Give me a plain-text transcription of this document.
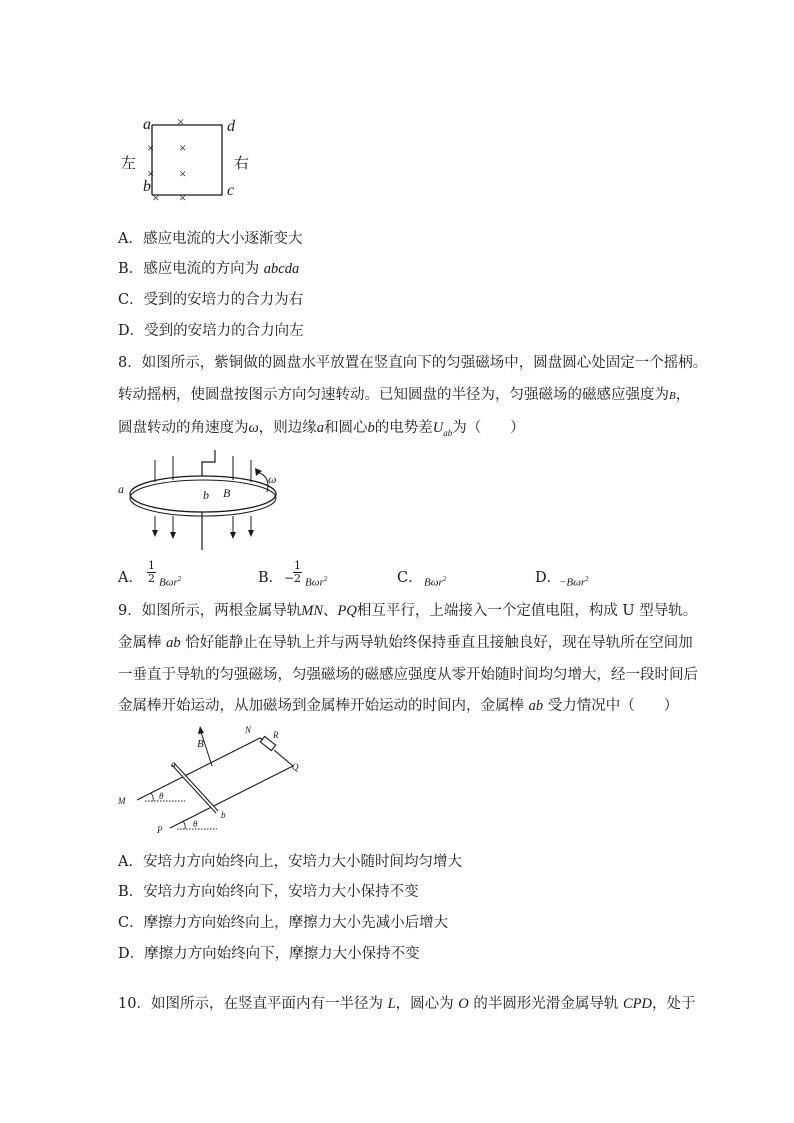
×
× ×
× ×
× ×
a
b
d
c
左	右
A．感应电流的大小逐渐变大
B．感应电流的方向为 abcda
C．受到的安培力的合力为右
D．受到的安培力的合力向左
8．如图所示，紫铜做的圆盘水平放置在竖直向下的匀强磁场中，圆盘圆心处固定一个摇柄。
转动摇柄，使圆盘按图示方向匀速转动。已知圆盘的半径为，匀强磁场的磁感应强度为B，
圆盘转动的角速度为ω，则边缘a和圆心b的电势差$U_{ab}$为（　　）
a	b B
ω
A． $\frac{1}{2} B\omega r^2$	B． −
$\frac{1}{2} B\omega r^2$	C． Bωr$^2$	D．
−Bωr$^2$
9．如图所示，两根金属导轨MN、PQ相互平行，上端接入一个定值电阻，构成 U 型导轨。
金属棒 ab 恰好能静止在导轨上并与两导轨始终保持垂直且接触良好，现在导轨所在空间加
一垂直于导轨的匀强磁场，匀强磁场的磁感应强度从零开始随时间均匀增大，经一段时间后
金属棒开始运动，从加磁场到金属棒开始运动的时间内，金属棒 ab 受力情况中（　　）
B
N R
Q
a
b
M
P
θ
θ
A．安培力方向始终向上，安培力大小随时间均匀增大
B．安培力方向始终向下，安培力大小保持不变
C．摩擦力方向始终向上，摩擦力大小先减小后增大
D．摩擦力方向始终向下，摩擦力大小保持不变
10．如图所示，在竖直平面内有一半径为 L，圆心为 O 的半圆形光滑金属导轨 CPD，处于
